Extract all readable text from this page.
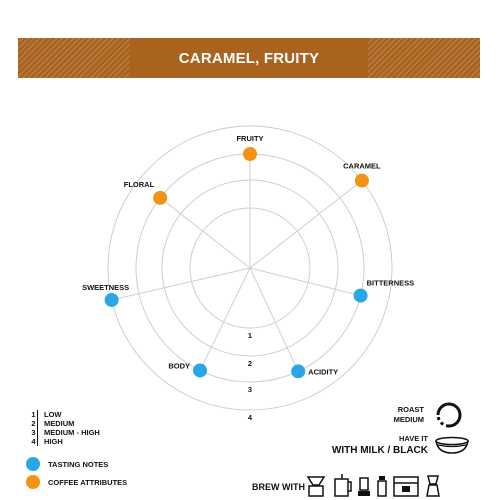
CARAMEL, FRUITY
1
2
3
4
FRUITY
CARAMEL
BITTERNESS
ACIDITY
BODY
SWEETNESS
FLORAL
1	LOW
2	MEDIUM
3	MEDIUM - HIGH
4	HIGH
TASTING NOTES
COFFEE ATTRIBUTES
ROAST
MEDIUM
HAVE IT
WITH MILK / BLACK
BREW WITH
